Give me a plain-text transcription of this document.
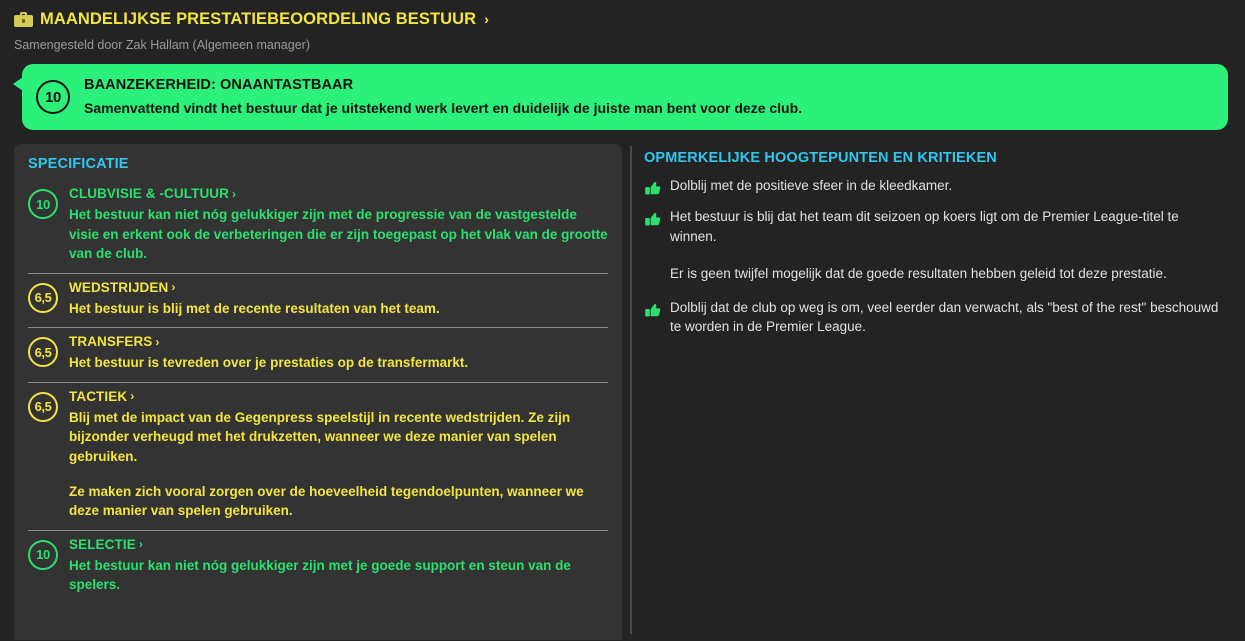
MAANDELIJKSE PRESTATIEBEOORDELING BESTUUR ›
Samengesteld door Zak Hallam (Algemeen manager)
10
BAANZEKERHEID: ONAANTASTBAAR
Samenvattend vindt het bestuur dat je uitstekend werk levert en duidelijk de juiste man bent voor deze club.
SPECIFICATIE
10
CLUBVISIE & -CULTUUR ›
Het bestuur kan niet nóg gelukkiger zijn met de progressie van de vastgestelde visie en erkent ook de verbeteringen die er zijn toegepast op het vlak van de grootte van de club.
6,5
WEDSTRIJDEN ›
Het bestuur is blij met de recente resultaten van het team.
6,5
TRANSFERS ›
Het bestuur is tevreden over je prestaties op de transfermarkt.
6,5
TACTIEK ›
Blij met de impact van de Gegenpress speelstijl in recente wedstrijden. Ze zijn bijzonder verheugd met het drukzetten, wanneer we deze manier van spelen gebruiken.
Ze maken zich vooral zorgen over de hoeveelheid tegendoelpunten, wanneer we deze manier van spelen gebruiken.
10
SELECTIE ›
Het bestuur kan niet nóg gelukkiger zijn met je goede support en steun van de spelers.
OPMERKELIJKE HOOGTEPUNTEN EN KRITIEKEN
Dolblij met de positieve sfeer in de kleedkamer.
Het bestuur is blij dat het team dit seizoen op koers ligt om de Premier League-titel te winnen.
Er is geen twijfel mogelijk dat de goede resultaten hebben geleid tot deze prestatie.
Dolblij dat de club op weg is om, veel eerder dan verwacht, als "best of the rest" beschouwd te worden in de Premier League.
